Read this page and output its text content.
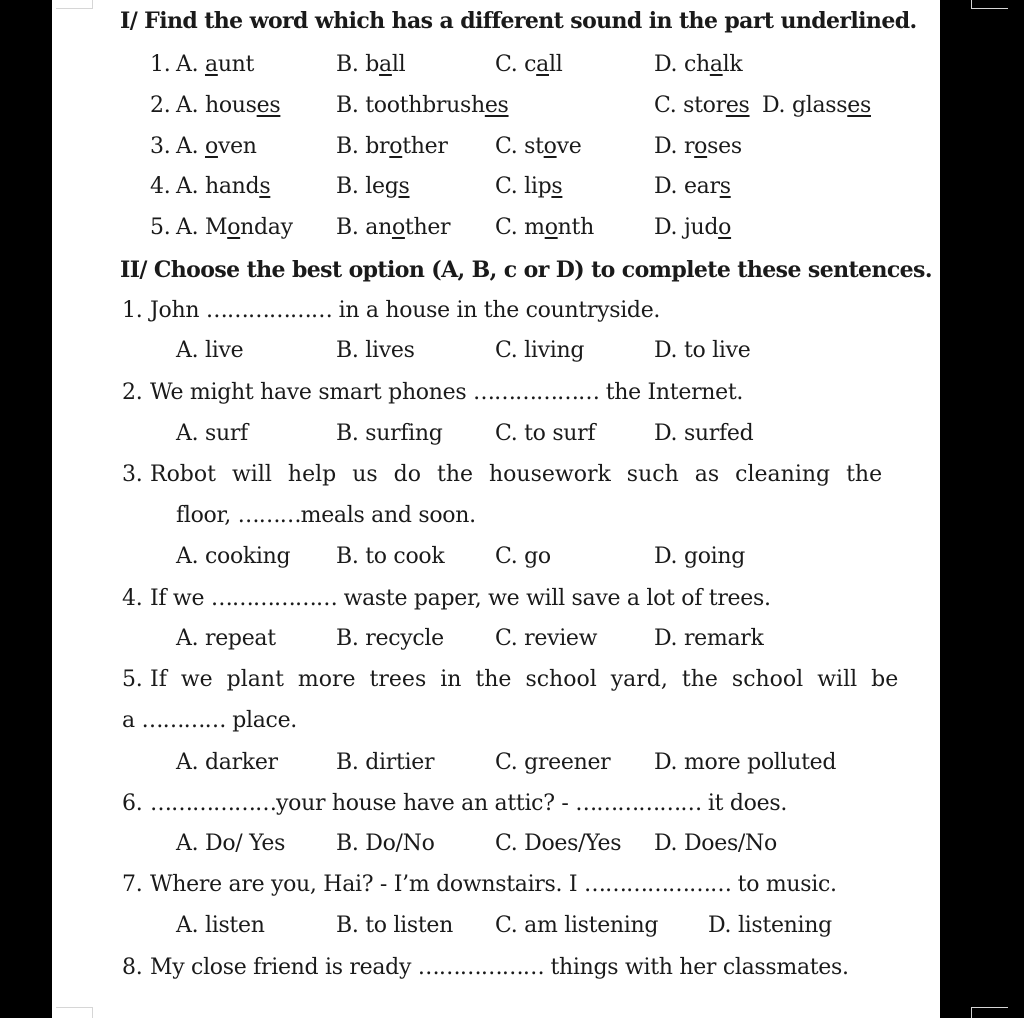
I/ Find the word which has a different sound in the part underlined.
1. A. aunt	B. ball	C. call	D. chalk
2. A. houses	B. toothbrushes	C. stores D. glasses
3. A. oven	B. brother C. stove	D. roses
4. A. hands	B. legs	C. lips	D. ears
5. A. Monday B. another C. month	D. judo
II/ Choose the best option (A, B, c or D) to complete these sentences.
1. John ……………… in a house in the countryside.
A. live	B. lives	C. living	D. to live
2. We might have smart phones ……………… the Internet.
A. surf	B. surfing C. to surf	D. surfed
3. Robot will help us do the housework such as cleaning the
floor, ………meals and soon.
A. cooking B. to cook C. go	D. going
4. If we ……………… waste paper, we will save a lot of trees.
A. repeat	B. recycle C. review	D. remark
5. If we plant more trees in the school yard, the school will be
a ………… place.
A. darker	B. dirtier	C. greener D. more polluted
6. ………………your house have an attic? - ……………… it does.
A. Do/ Yes B. Do/No	C. Does/Yes D. Does/No
7. Where are you, Hai? - I’m downstairs. I ………………… to music.
A. listen	B. to listen C. am listening D. listening
8. My close friend is ready ……………… things with her classmates.
